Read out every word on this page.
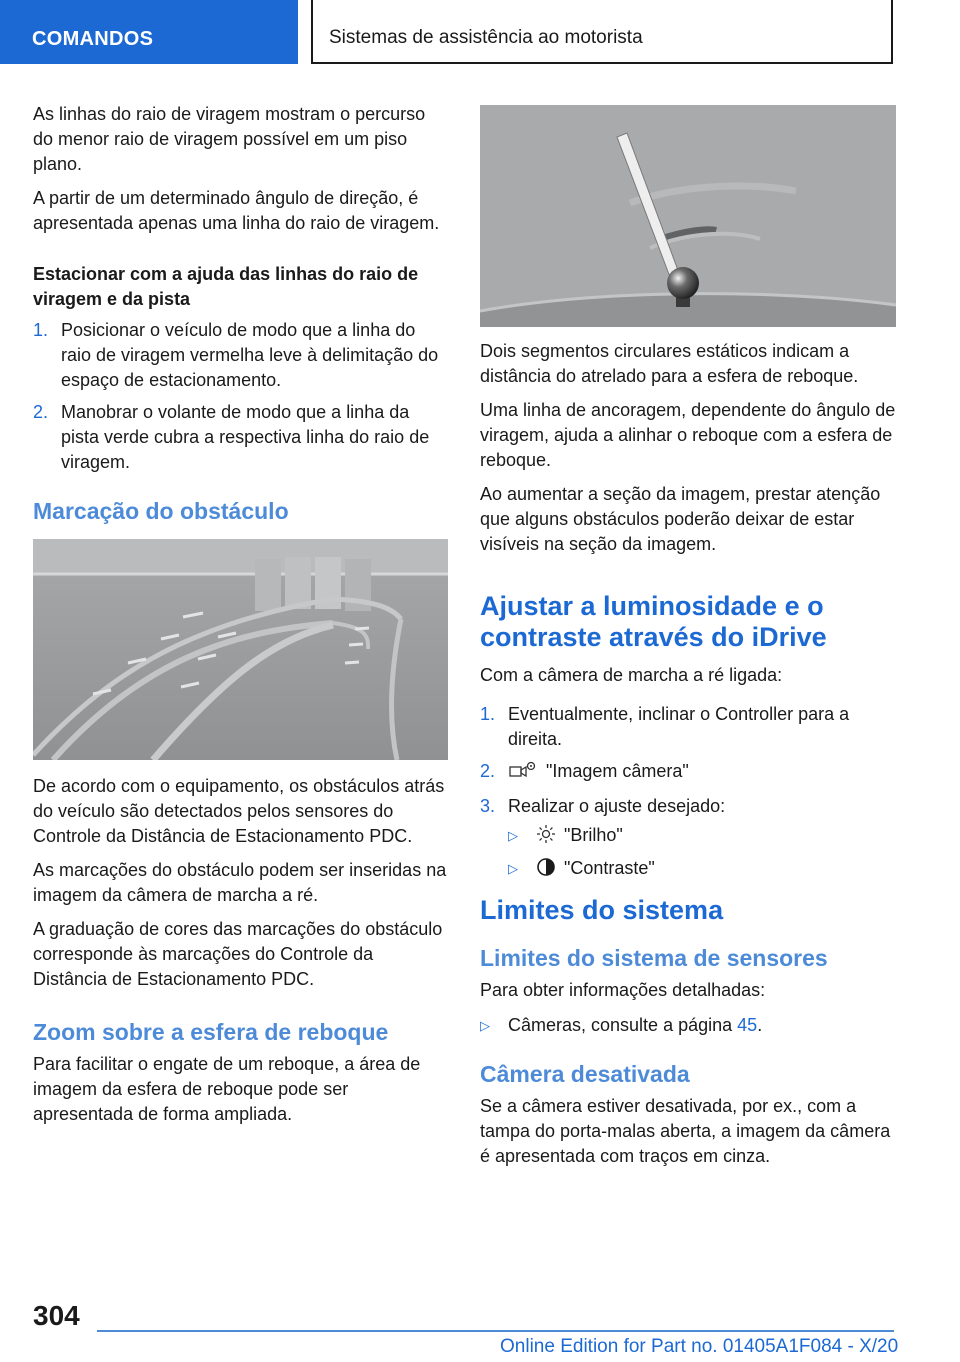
COMANDOS	Sistemas de assistência ao motorista

As linhas do raio de viragem mostram o percurso do menor raio de viragem possível em um piso plano.

A partir de um determinado ângulo de direção, é apresentada apenas uma linha do raio de viragem.

Estacionar com a ajuda das linhas do raio de viragem e da pista
1. Posicionar o veículo de modo que a linha do raio de viragem vermelha leve à delimitação do espaço de estacionamento.
2. Manobrar o volante de modo que a linha da pista verde cubra a respectiva linha do raio de viragem.
Marcação do obstáculo

De acordo com o equipamento, os obstáculos atrás do veículo são detectados pelos sensores do Controle da Distância de Estacionamento PDC.

As marcações do obstáculo podem ser inseridas na imagem da câmera de marcha a ré.

A graduação de cores das marcações do obstáculo corresponde às marcações do Controle da Distância de Estacionamento PDC.

Zoom sobre a esfera de reboque

Para facilitar o engate de um reboque, a área de imagem da esfera de reboque pode ser apresentada de forma ampliada.

Dois segmentos circulares estáticos indicam a distância do atrelado para a esfera de reboque.

Uma linha de ancoragem, dependente do ângulo de viragem, ajuda a alinhar o reboque com a esfera de reboque.

Ao aumentar a seção da imagem, prestar atenção que alguns obstáculos poderão deixar de estar visíveis na seção da imagem.

Ajustar a luminosidade e o contraste através do iDrive

Com a câmera de marcha a ré ligada:

1. Eventualmente, inclinar o Controller para a direita.
2.	"Imagem câmera"
3. Realizar o ajuste desejado:
▷	"Brilho"
▷	"Contraste"
Limites do sistema
Limites do sistema de sensores

Para obter informações detalhadas:

▷ Câmeras, consulte a página 45.
Câmera desativada

Se a câmera estiver desativada, por ex., com a tampa do porta-malas aberta, a imagem da câmera é apresentada com traços em cinza.

304
Online Edition for Part no. 01405A1F084 - X/20
